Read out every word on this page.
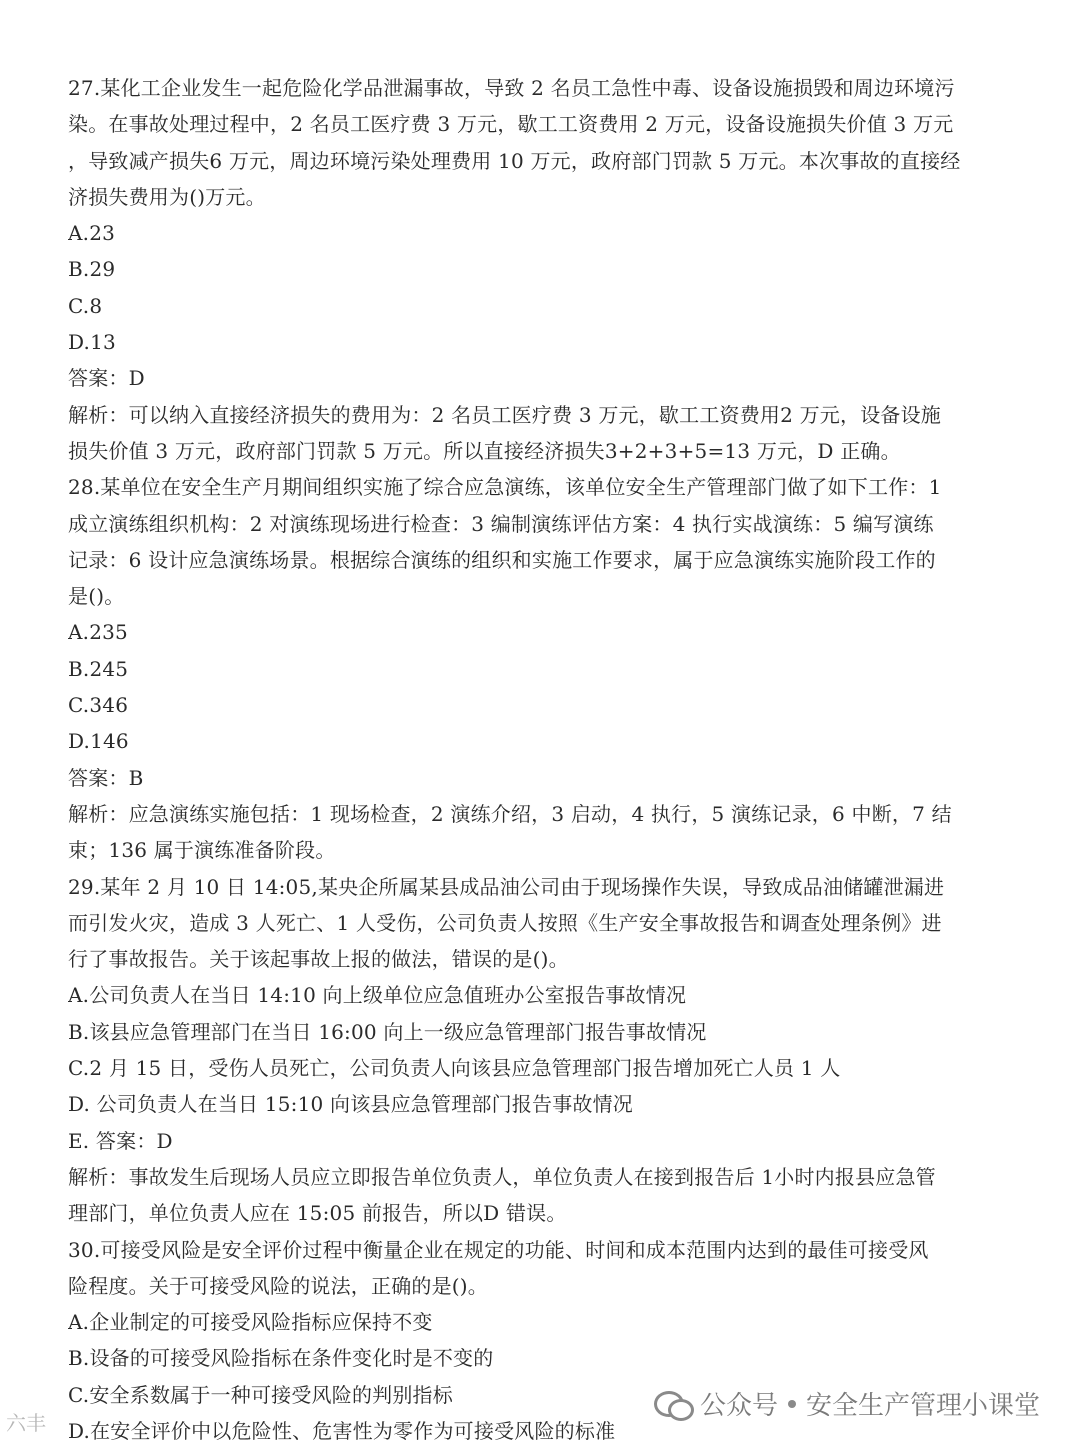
27.某化工企业发生一起危险化学品泄漏事故，导致 2 名员工急性中毒、设备设施损毁和周边环境污
染。在事故处理过程中，2 名员工医疗费 3 万元，歇工工资费用 2 万元，设备设施损失价值 3 万元
，导致减产损失6 万元，周边环境污染处理费用 10 万元，政府部门罚款 5 万元。本次事故的直接经
济损失费用为()万元。
A.23
B.29
C.8
D.13
答案：D
解析：可以纳入直接经济损失的费用为：2 名员工医疗费 3 万元，歇工工资费用2 万元，设备设施
损失价值 3 万元，政府部门罚款 5 万元。所以直接经济损失3+2+3+5=13 万元，D 正确。
28.某单位在安全生产月期间组织实施了综合应急演练，该单位安全生产管理部门做了如下工作：1
成立演练组织机构：2 对演练现场进行检查：3 编制演练评估方案：4 执行实战演练：5 编写演练
记录：6 设计应急演练场景。根据综合演练的组织和实施工作要求，属于应急演练实施阶段工作的
是()。
A.235
B.245
C.346
D.146
答案：B
解析：应急演练实施包括：1 现场检查，2 演练介绍，3 启动，4 执行，5 演练记录，6 中断，7 结
束；136 属于演练准备阶段。
29.某年 2 月 10 日 14:05,某央企所属某县成品油公司由于现场操作失误，导致成品油储罐泄漏进
而引发火灾，造成 3 人死亡、1 人受伤，公司负责人按照《生产安全事故报告和调查处理条例》进
行了事故报告。关于该起事故上报的做法，错误的是()。
A.公司负责人在当日 14:10 向上级单位应急值班办公室报告事故情况
B.该县应急管理部门在当日 16:00 向上一级应急管理部门报告事故情况
C.2 月 15 日，受伤人员死亡，公司负责人向该县应急管理部门报告增加死亡人员 1 人
D. 公司负责人在当日 15:10 向该县应急管理部门报告事故情况
E. 答案：D
解析：事故发生后现场人员应立即报告单位负责人，单位负责人在接到报告后 1小时内报县应急管
理部门，单位负责人应在 15:05 前报告，所以D 错误。
30.可接受风险是安全评价过程中衡量企业在规定的功能、时间和成本范围内达到的最佳可接受风
险程度。关于可接受风险的说法，正确的是()。
A.企业制定的可接受风险指标应保持不变
B.设备的可接受风险指标在条件变化时是不变的
C.安全系数属于一种可接受风险的判别指标
D.在安全评价中以危险性、危害性为零作为可接受风险的标准
公众号 安全生产管理小课堂
六丰
